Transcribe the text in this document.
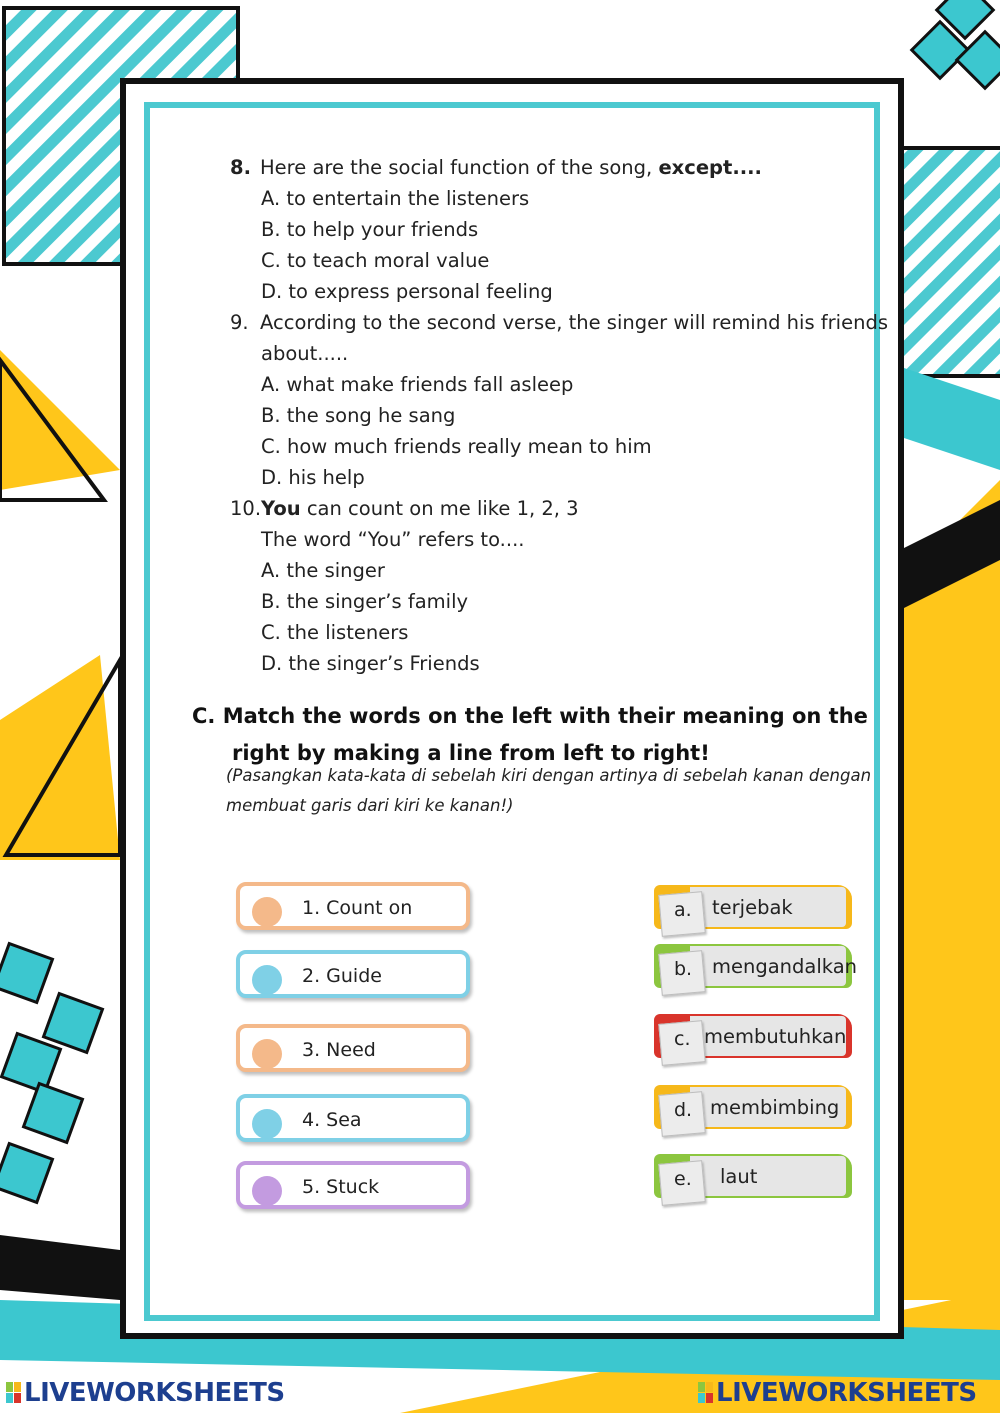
8. Here are the social function of the song, except....
A. to entertain the listeners
B. to help your friends
C. to teach moral value
D. to express personal feeling
9. According to the second verse, the singer will remind his friends
about.....
A. what make friends fall asleep
B. the song he sang
C. how much friends really mean to him
D. his help
10.You can count on me like 1, 2, 3
The word “You” refers to....
A. the singer
B. the singer’s family
C. the listeners
D. the singer’s Friends
C. Match the words on the left with their meaning on the
right by making a line from left to right!
(Pasangkan kata-kata di sebelah kiri dengan artinya di sebelah kanan dengan
membuat garis dari kiri ke kanan!)
1. Count on
2. Guide
3. Need
4. Sea
5. Stuck
a. terjebak
b. mengandalkan
c. membutuhkan
d. membimbing
e. laut
LIVEWORKSHEETS	LIVEWORKSHEETS
